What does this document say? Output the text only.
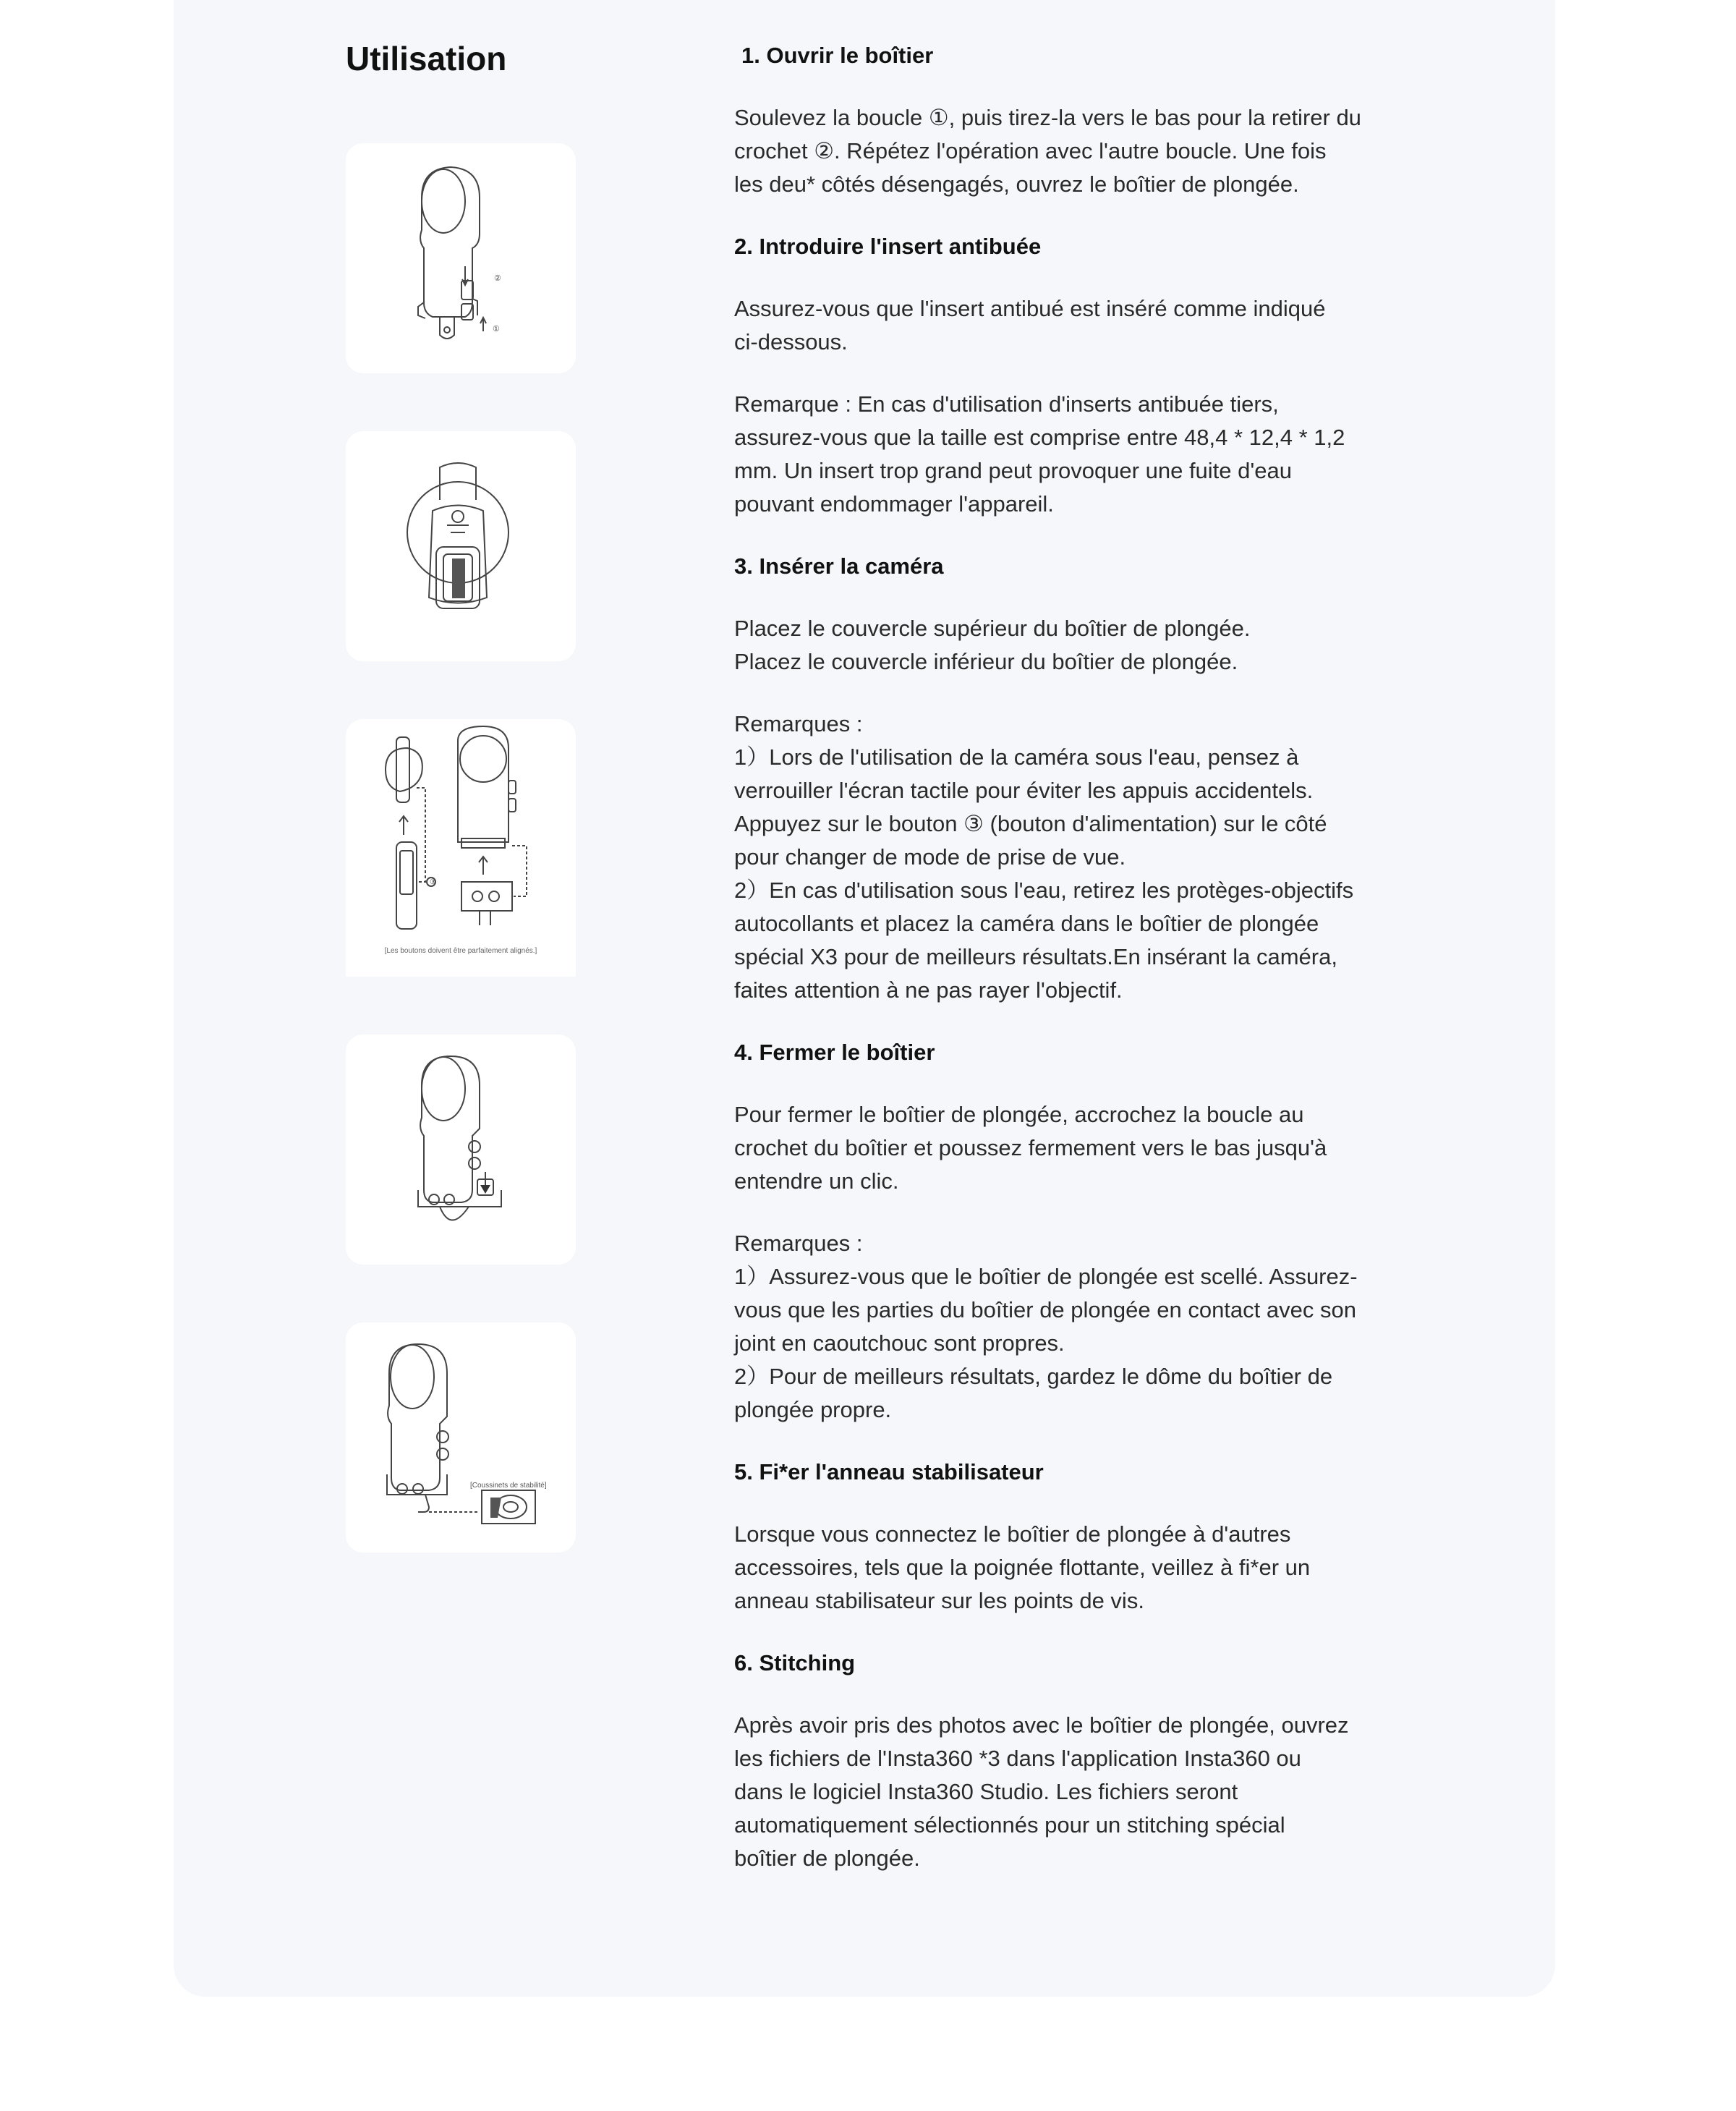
Utilisation
②
①
③
[Les boutons doivent être parfaitement alignés.]
[Coussinets de stabilité]
1. Ouvrir le boîtier

Soulevez la boucle ①, puis tirez-la vers le bas pour la retirer du
crochet ②. Répétez l'opération avec l'autre boucle. Une fois
les deu* côtés désengagés, ouvrez le boîtier de plongée.

2. Introduire l'insert antibuée

Assurez-vous que l'insert antibué est inséré comme indiqué
ci-dessous.

Remarque : En cas d'utilisation d'inserts antibuée tiers,
assurez-vous que la taille est comprise entre 48,4 * 12,4 * 1,2
mm. Un insert trop grand peut provoquer une fuite d'eau
pouvant endommager l'appareil.

3. Insérer la caméra

Placez le couvercle supérieur du boîtier de plongée.
Placez le couvercle inférieur du boîtier de plongée.

Remarques :
1）Lors de l'utilisation de la caméra sous l'eau, pensez à
verrouiller l'écran tactile pour éviter les appuis accidentels.
Appuyez sur le bouton ③ (bouton d'alimentation) sur le côté
pour changer de mode de prise de vue.
2）En cas d'utilisation sous l'eau, retirez les protèges-objectifs
autocollants et placez la caméra dans le boîtier de plongée
spécial X3 pour de meilleurs résultats.En insérant la caméra,
faites attention à ne pas rayer l'objectif.

4. Fermer le boîtier

Pour fermer le boîtier de plongée, accrochez la boucle au
crochet du boîtier et poussez fermement vers le bas jusqu'à
entendre un clic.

Remarques :
1）Assurez-vous que le boîtier de plongée est scellé. Assurez-
vous que les parties du boîtier de plongée en contact avec son
joint en caoutchouc sont propres.
2）Pour de meilleurs résultats, gardez le dôme du boîtier de
plongée propre.

5. Fi*er l'anneau stabilisateur

Lorsque vous connectez le boîtier de plongée à d'autres
accessoires, tels que la poignée flottante, veillez à fi*er un
anneau stabilisateur sur les points de vis.

6. Stitching

Après avoir pris des photos avec le boîtier de plongée, ouvrez
les fichiers de l'Insta360 *3 dans l'application Insta360 ou
dans le logiciel Insta360 Studio. Les fichiers seront
automatiquement sélectionnés pour un stitching spécial
boîtier de plongée.
